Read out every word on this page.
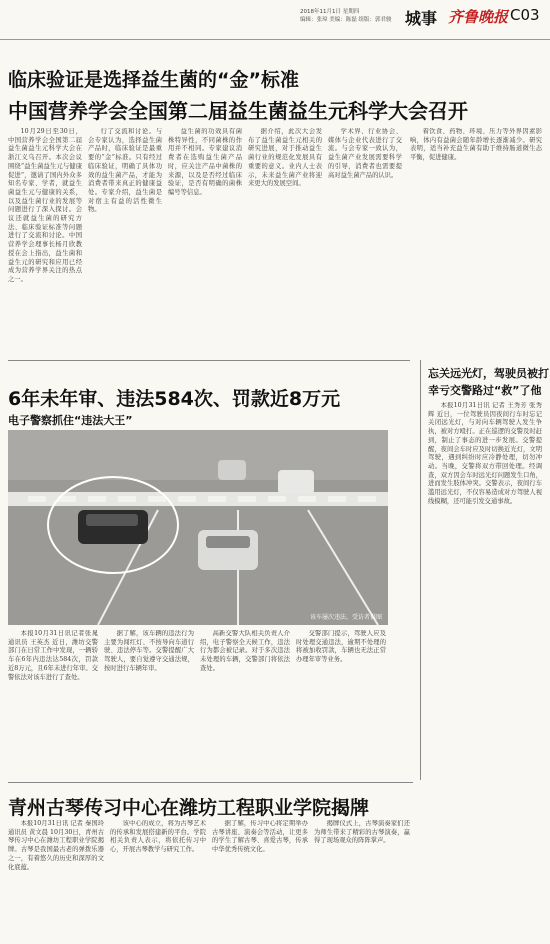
2018年11月1日 星期四
编辑：张璋 美编：陈磊 组版：郭君骏 城事 齐鲁晚报 C03
临床验证是选择益生菌的“金”标准
中国营养学会全国第二届益生菌益生元科学大会召开

10月29日至30日，中国营养学会全国第二届益生菌益生元科学大会在浙江义乌召开。本次会议围绕“益生菌益生元与健康促进”，邀请了国内外众多知名专家、学者，就益生菌益生元与健康的关系，以及益生菌行业的发展等问题进行了深入探讨。会议还就益生菌的研究方法、临床验证标准等问题进行了交流和讨论。中国营养学会理事长杨月欣教授在会上指出，益生菌和益生元的研究和应用已经成为营养学界关注的热点之一。

行了交流和讨论。与会专家认为，选择益生菌产品时，临床验证是最重要的“金”标准。只有经过临床验证，明确了具体功效的益生菌产品，才能为消费者带来真正的健康益处。专家介绍，益生菌是对宿主有益的活性微生物。

益生菌的功效具有菌株特异性，不同菌株的作用并不相同。专家建议消费者在选购益生菌产品时，应关注产品中菌株的来源，以及是否经过临床验证，是否有明确的菌株编号等信息。

据介绍，此次大会发布了益生菌益生元相关的研究进展，对于推动益生菌行业的规范化发展具有重要的意义。业内人士表示，未来益生菌产业将迎来更大的发展空间。

学术界、行业协会、媒体与企业代表进行了交流。与会专家一致认为，益生菌产业发展需要科学的引导，消费者也需要提高对益生菌产品的认识。

着饮食、药物、环境、压力等外界因素影响，体内有益菌会随年龄增长逐渐减少。研究表明，适当补充益生菌有助于维持肠道微生态平衡，促进健康。

6年未年审、违法584次、罚款近8万元
电子警察抓住“违法大王”
该车屡次违法。受访者供图

本报10月31日讯记者张晁 通讯员 王英杰 近日，潍坊交警部门在日常工作中发现，一辆轿车在6年内违法达584次，罚款近8万元，且6年未进行年审。交警依法对该车进行了查处。

据了解，该车辆的违法行为主要为闯红灯、不按导向车道行驶、违法停车等。交警提醒广大驾驶人，要自觉遵守交通法规，按时进行车辆年审。

高新交警大队相关负责人介绍，电子警察全天候工作，违法行为都会被记录。对于多次违法未处理的车辆，交警部门将依法查处。

交警部门提示，驾驶人应及时处理交通违法，逾期不处理的将被加收罚款，车辆也无法正常办理年审等业务。

忘关远光灯，驾驶员被打
幸亏交警路过“救”了他

本报10月31日讯 记者 王秀芳 张秀辉 近日，一位驾驶员因夜间行车时忘记关闭远光灯，与对向车辆驾驶人发生争执，被对方殴打。正在巡逻的交警及时赶到，制止了事态的进一步发展。交警提醒，夜间会车时应及时切换近光灯，文明驾驶，遇到纠纷时应冷静处理，切勿冲动。当晚，交警将双方带回处理。经调查，双方因会车时远光灯问题发生口角，进而发生肢体冲突。交警表示，夜间行车滥用远光灯，不仅容易造成对方驾驶人视线模糊，还可能引发交通事故。

青州古琴传习中心在潍坊工程职业学院揭牌

本报10月31日讯 记者 秦国玲 通讯员 黄文晨 10月30日，青州古琴传习中心在潍坊工程职业学院揭牌。古琴是我国最古老的弹拨乐器之一，有着悠久的历史和深厚的文化底蕴。

该中心的成立，将为古琴艺术的传承和发展搭建新的平台。学院相关负责人表示，将依托传习中心，开展古琴教学与研究工作。

据了解，传习中心将定期举办古琴讲座、演奏会等活动，让更多的学生了解古琴、喜爱古琴，传承中华优秀传统文化。

揭牌仪式上，古琴演奏家们还为师生带来了精彩的古琴演奏，赢得了现场观众的阵阵掌声。
